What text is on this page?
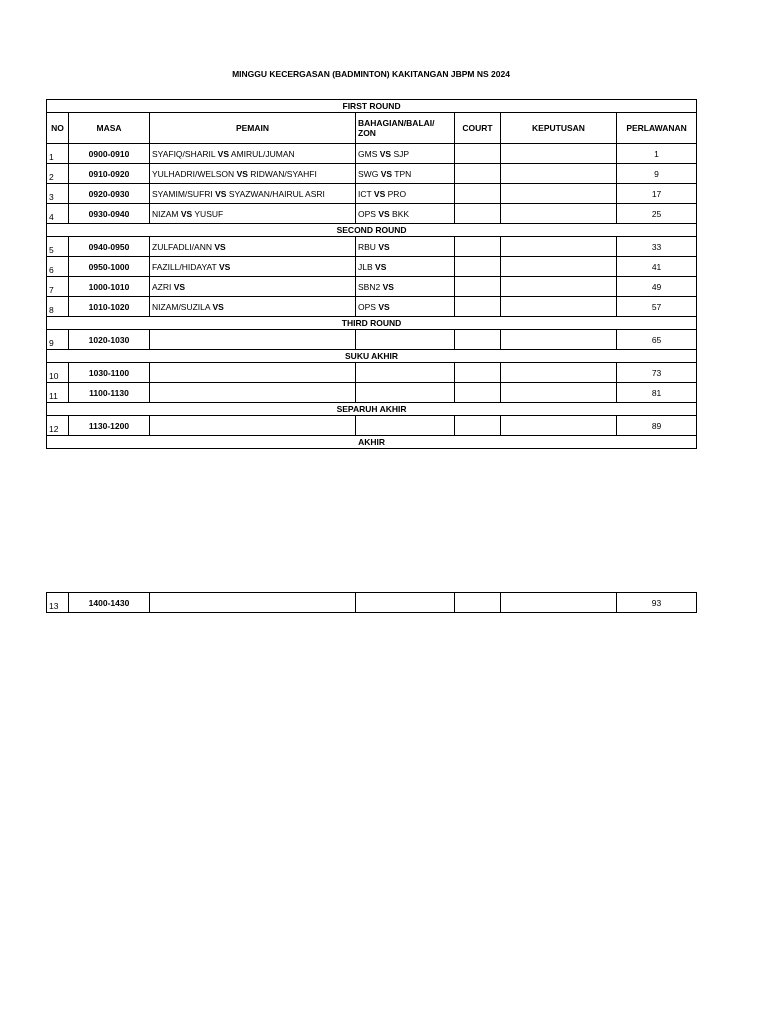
MINGGU KECERGASAN (BADMINTON) KAKITANGAN JBPM NS 2024
FIRST ROUND						
NO	MASA	PEMAIN	BAHAGIAN/BALAI/
ZON	COURT	KEPUTUSAN	PERLAWANAN
1	0900-0910	SYAFIQ/SHARIL VS AMIRUL/JUMAN	GMS VS SJP			1
2	0910-0920	YULHADRI/WELSON VS RIDWAN/SYAHFI	SWG VS TPN			9
3	0920-0930	SYAMIM/SUFRI VS SYAZWAN/HAIRUL ASRI	ICT VS PRO			17
4	0930-0940	NIZAM VS YUSUF	OPS VS BKK			25
SECOND ROUND						
5	0940-0950	ZULFADLI/ANN VS	RBU VS			33
6	0950-1000	FAZILL/HIDAYAT VS	JLB VS			41
7	1000-1010	AZRI VS	SBN2 VS			49
8	1010-1020	NIZAM/SUZILA VS	OPS VS			57
THIRD ROUND						
9	1020-1030					65
SUKU AKHIR						
10	1030-1100					73
11	1100-1130					81
SEPARUH AKHIR						
12	1130-1200					89
AKHIR						
13	1400-1430					93
